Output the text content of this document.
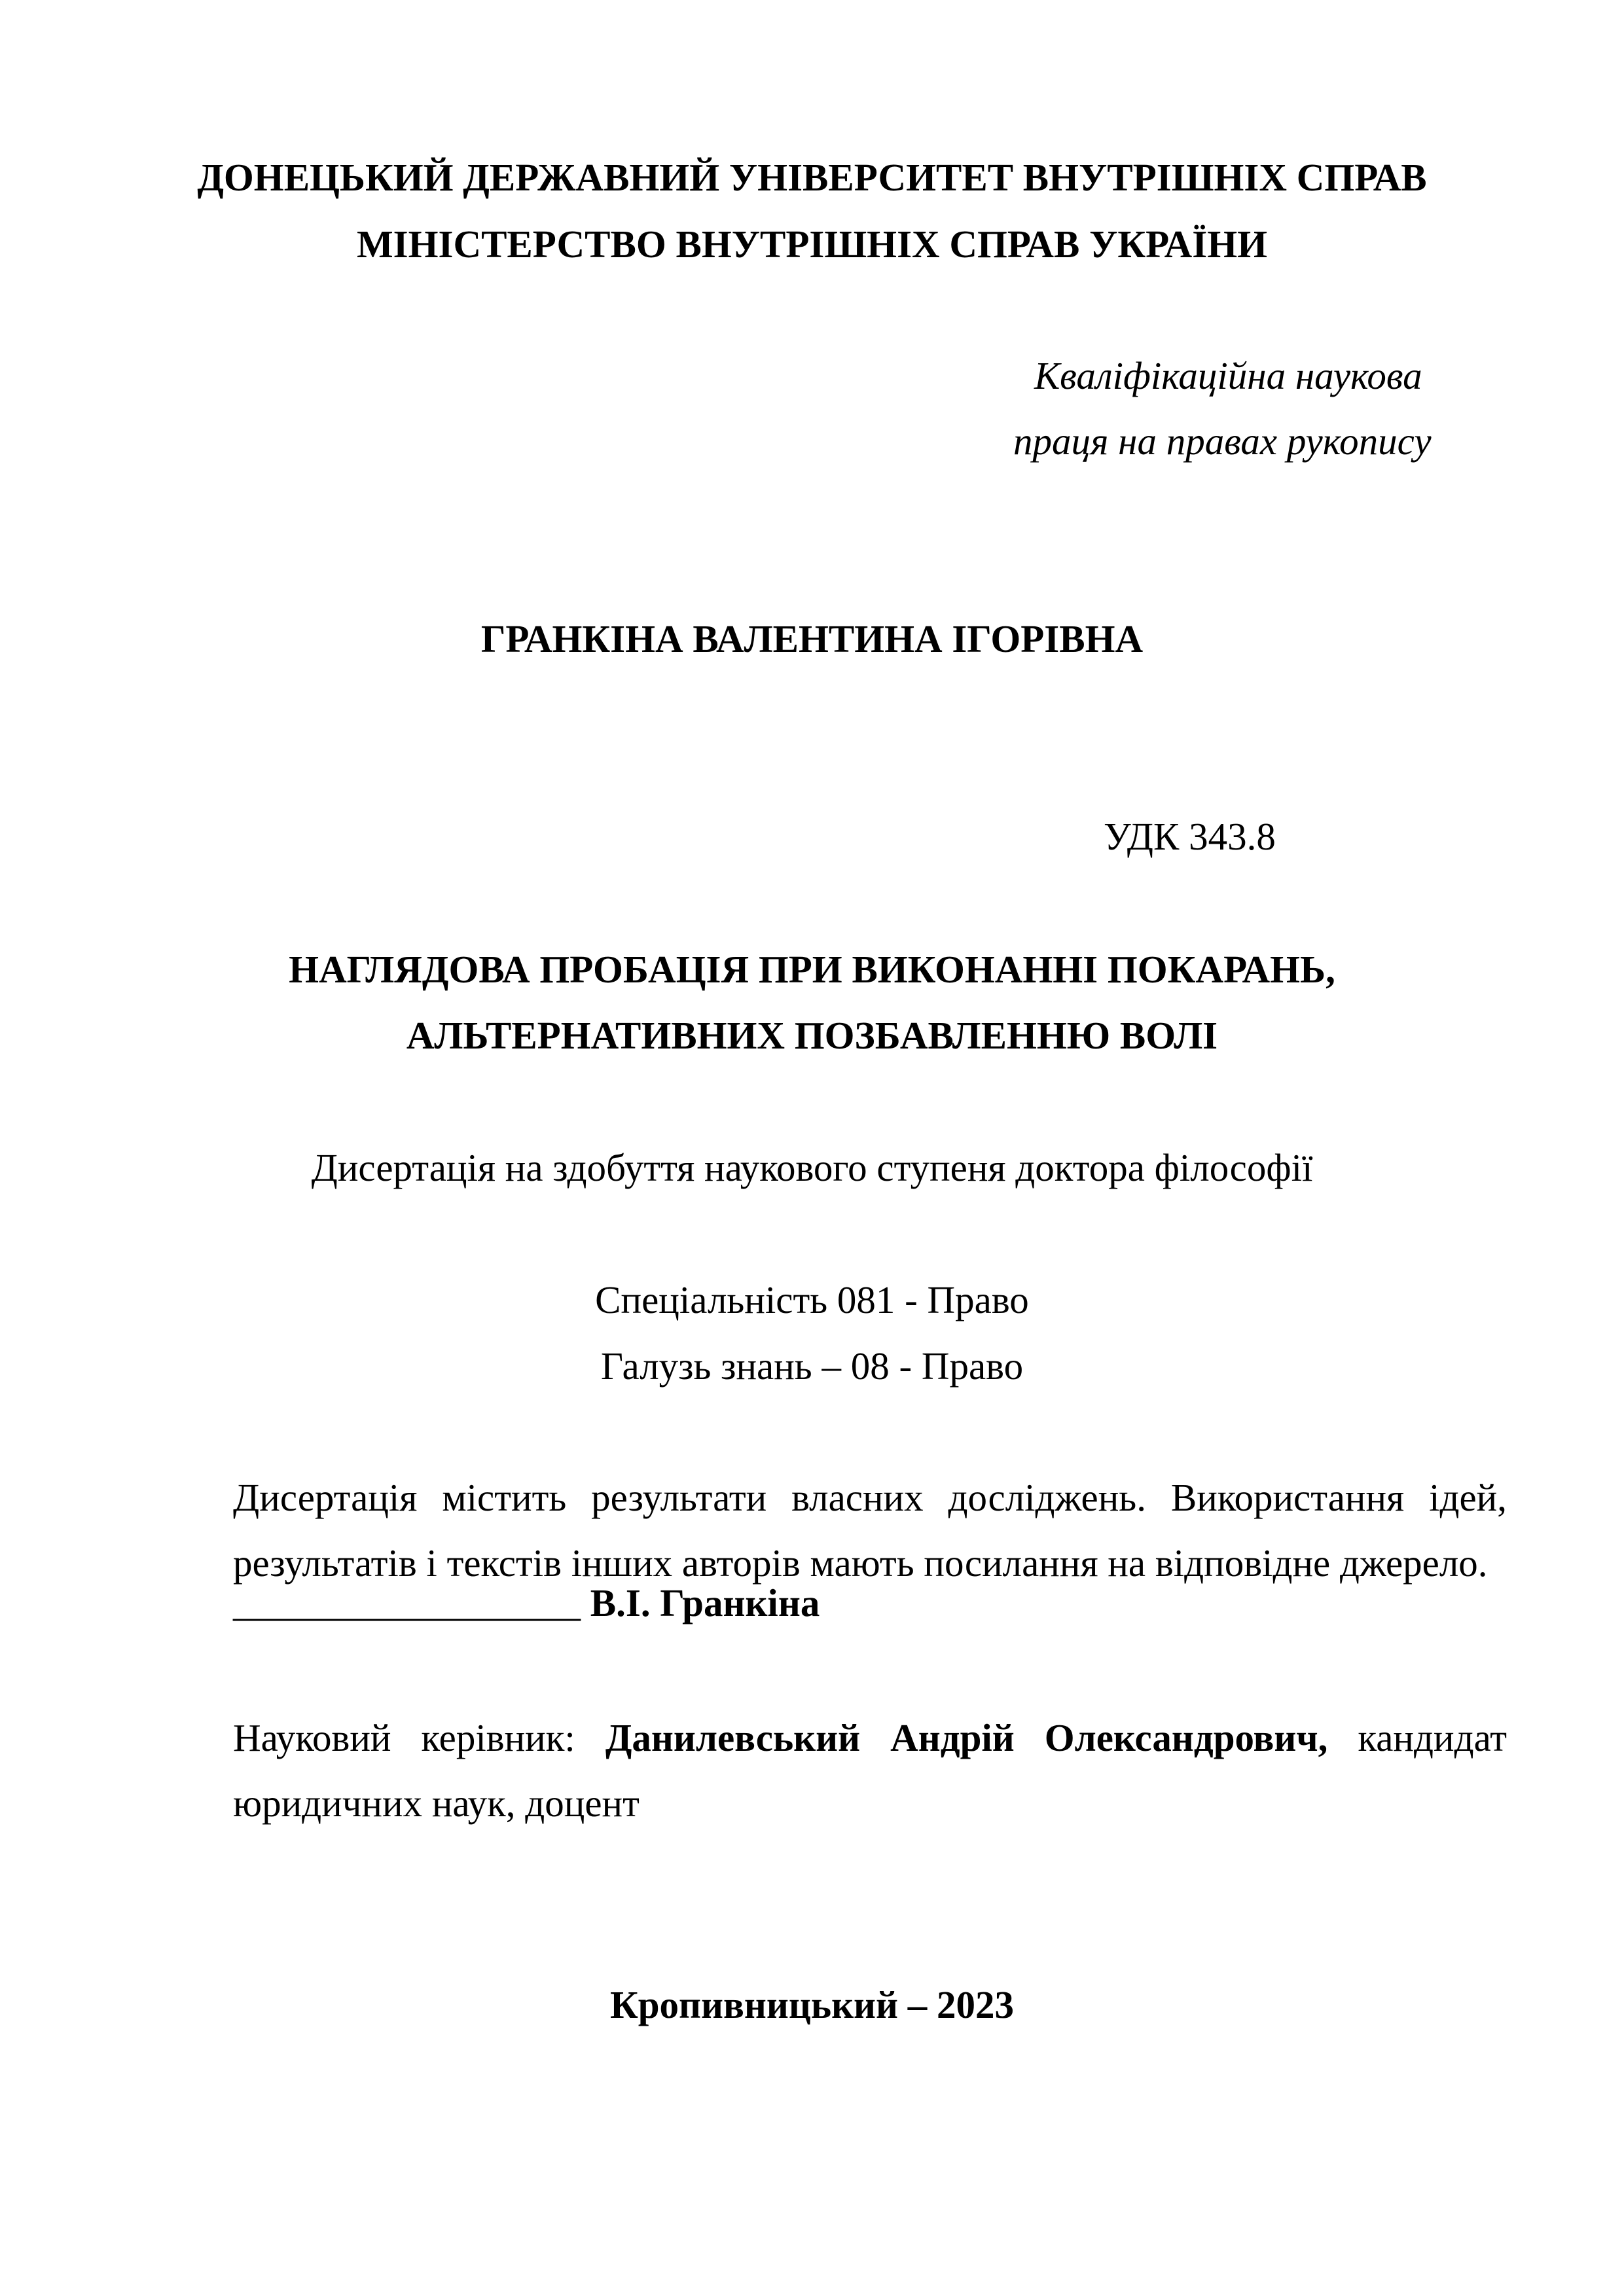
ДОНЕЦЬКИЙ ДЕРЖАВНИЙ УНІВЕРСИТЕТ ВНУТРІШНІХ СПРАВ
МІНІСТЕРСТВО ВНУТРІШНІХ СПРАВ УКРАЇНИ
Кваліфікаційна наукова
праця на правах рукопису
ГРАНКІНА ВАЛЕНТИНА ІГОРІВНА
УДК 343.8
НАГЛЯДОВА ПРОБАЦІЯ ПРИ ВИКОНАННІ ПОКАРАНЬ,
АЛЬТЕРНАТИВНИХ ПОЗБАВЛЕННЮ ВОЛІ
Дисертація на здобуття наукового ступеня доктора філософії
Спеціальність 081 - Право
Галузь знань – 08 - Право
Дисертація містить результати власних досліджень. Використання ідей,
результатів і текстів інших авторів мають посилання на відповідне джерело.
__________________ В.І. Гранкіна
Науковий керівник: Данилевський Андрій Олександрович, кандидат
юридичних наук, доцент
Кропивницький – 2023
